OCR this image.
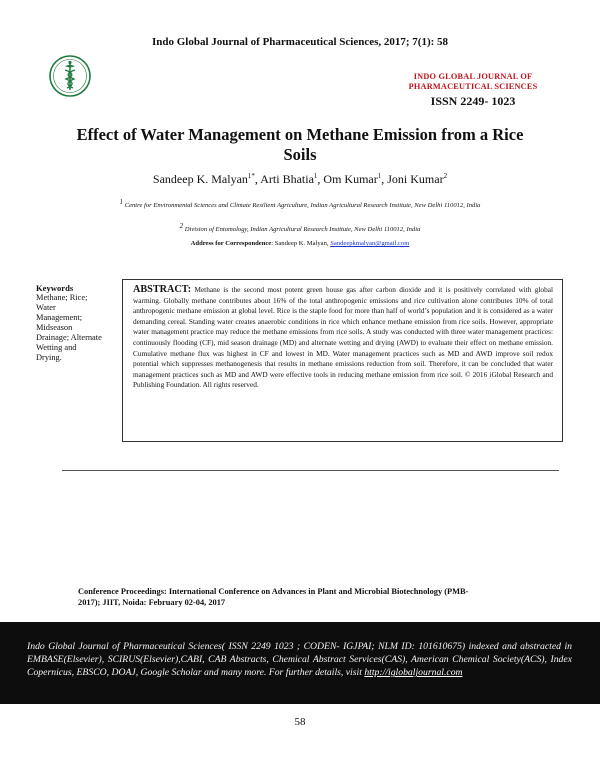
Indo Global Journal of Pharmaceutical Sciences, 2017; 7(1): 58
INDO GLOBAL JOURNAL OF
PHARMACEUTICAL SCIENCES
ISSN 2249- 1023
Effect of Water Management on Methane Emission from a Rice
Soils
Sandeep K. Malyan$^{1*}$, Arti Bhatia$^1$, Om Kumar$^1$, Joni Kumar$^2$
$^1$ Centre for Environmental Sciences and Climate Resilient Agriculture, Indian Agricultural Research Institute, New Delhi 110012, India
$^2$ Division of Entomology, Indian Agricultural Research Institute, New Delhi 110012, India
Address for Correspondence: Sandeep K. Malyan, Sandeepkmalyan@gmail.com
Keywords
Methane; Rice;
Water
Management;
Midseason
Drainage; Alternate
Wetting and
Drying.
ABSTRACT: Methane is the second most potent green house gas after carbon dioxide and it is positively correlated with global warming. Globally methane contributes about 16% of the total anthropogenic emissions and rice cultivation alone contributes 10% of total anthropogenic methane emission at global level. Rice is the staple food for more than half of world’s population and it is considered as a water demanding cereal. Standing water creates anaerobic conditions in rice which enhance methane emission from rice soils. However, appropriate water management practice may reduce the methane emissions from rice soils. A study was conducted with three water management practices: continuously flooding (CF), mid season drainage (MD) and alternate wetting and drying (AWD) to evaluate their effect on methane emission. Cumulative methane flux was highest in CF and lowest in MD. Water management practices such as MD and AWD improve soil redox potential which suppresses methanogenesis that results in methane emissions reduction from soil. Therefore, it can be concluded that water management practices such as MD and AWD were effective tools in reducing methane emission from rice soil. © 2016 iGlobal Research and Publishing Foundation. All rights reserved.
Conference Proceedings: International Conference on Advances in Plant and Microbial Biotechnology (PMB-
2017); JIIT, Noida: February 02-04, 2017
Indo Global Journal of Pharmaceutical Sciences( ISSN 2249 1023 ; CODEN- IGJPAI; NLM ID: 101610675) indexed and abstracted in EMBASE(Elsevier), SCIRUS(Elsevier),CABI, CAB Abstracts, Chemical Abstract Services(CAS), American Chemical Society(ACS), Index Copernicus, EBSCO, DOAJ, Google Scholar and many more. For further details, visit http://iglobaljournal.com
58
